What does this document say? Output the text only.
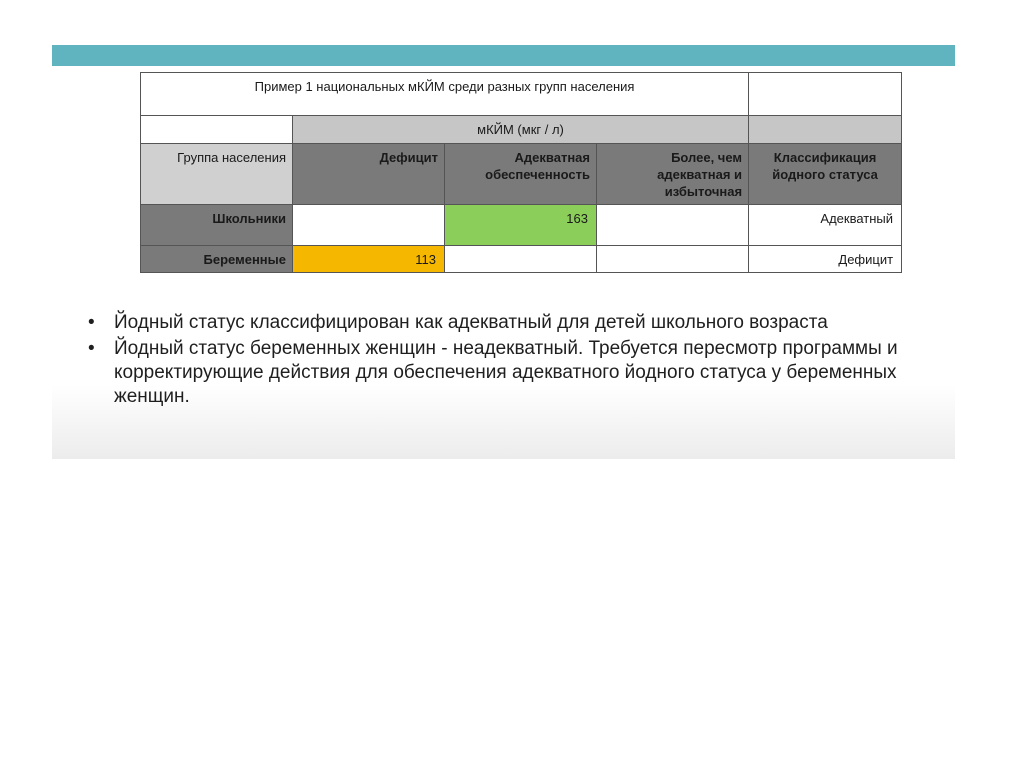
Пример 1 национальных мКЙМ среди разных групп населения				
	мКЙМ (мкг / л)			
Группа населения	Дефицит	Адекватная обеспеченность	Более, чем адекватная и избыточная	Классификация йодного статуса
Школьники		163		Адекватный
Беременные	113			Дефицит
• Йодный статус классифицирован как адекватный для детей школьного возраста
• Йодный статус беременных женщин - неадекватный. Требуется пересмотр программы и корректирующие действия для обеспечения адекватного йодного статуса у беременных женщин.
